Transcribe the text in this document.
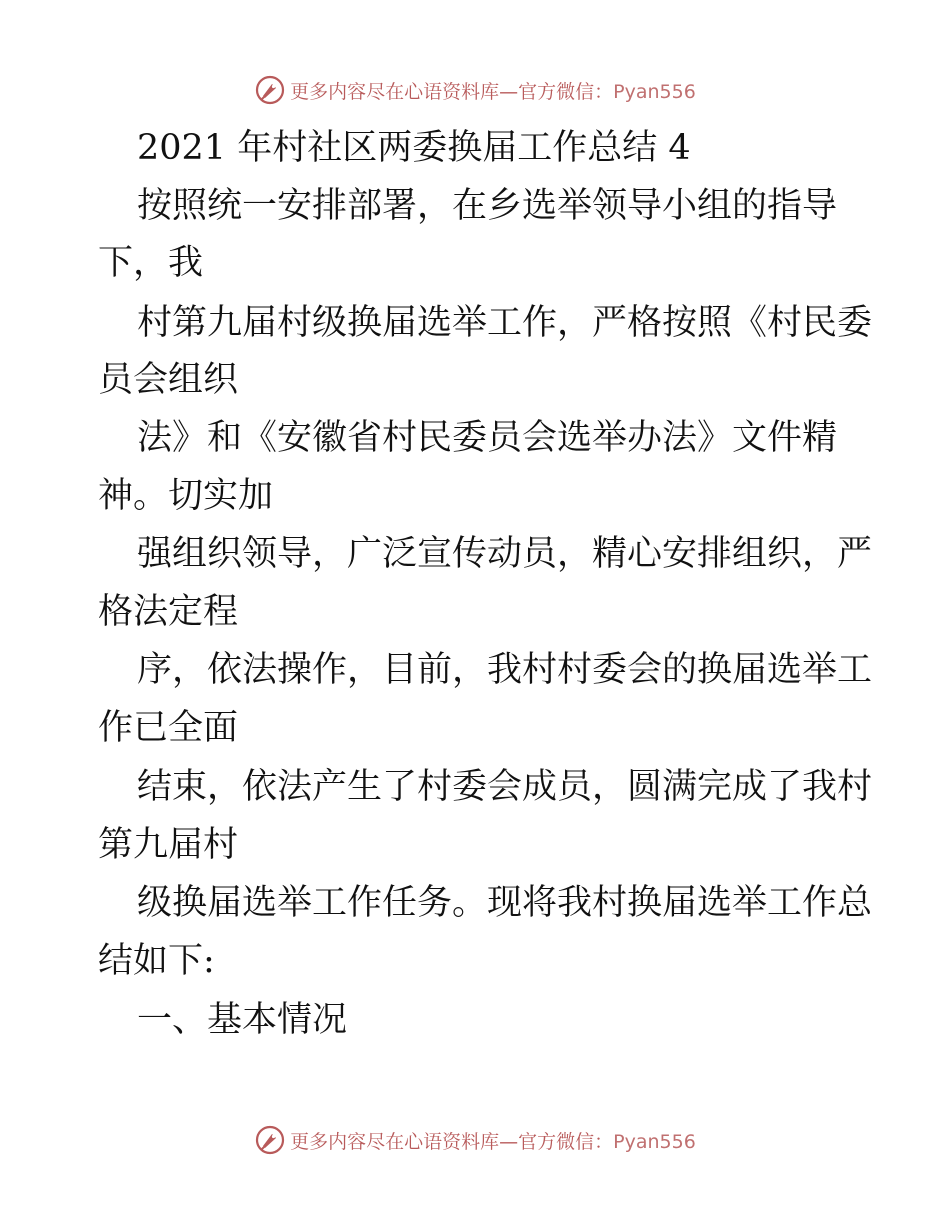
更多内容尽在心语资料库—官方微信：Pyan556
2021 年村社区两委换届工作总结 4
按照统一安排部署，在乡选举领导小组的指导
下，我
村第九届村级换届选举工作，严格按照《村民委
员会组织
法》和《安徽省村民委员会选举办法》文件精
神。切实加
强组织领导，广泛宣传动员，精心安排组织，严
格法定程
序，依法操作，目前，我村村委会的换届选举工
作已全面
结束，依法产生了村委会成员，圆满完成了我村
第九届村
级换届选举工作任务。现将我村换届选举工作总
结如下:
一、基本情况
更多内容尽在心语资料库—官方微信：Pyan556
